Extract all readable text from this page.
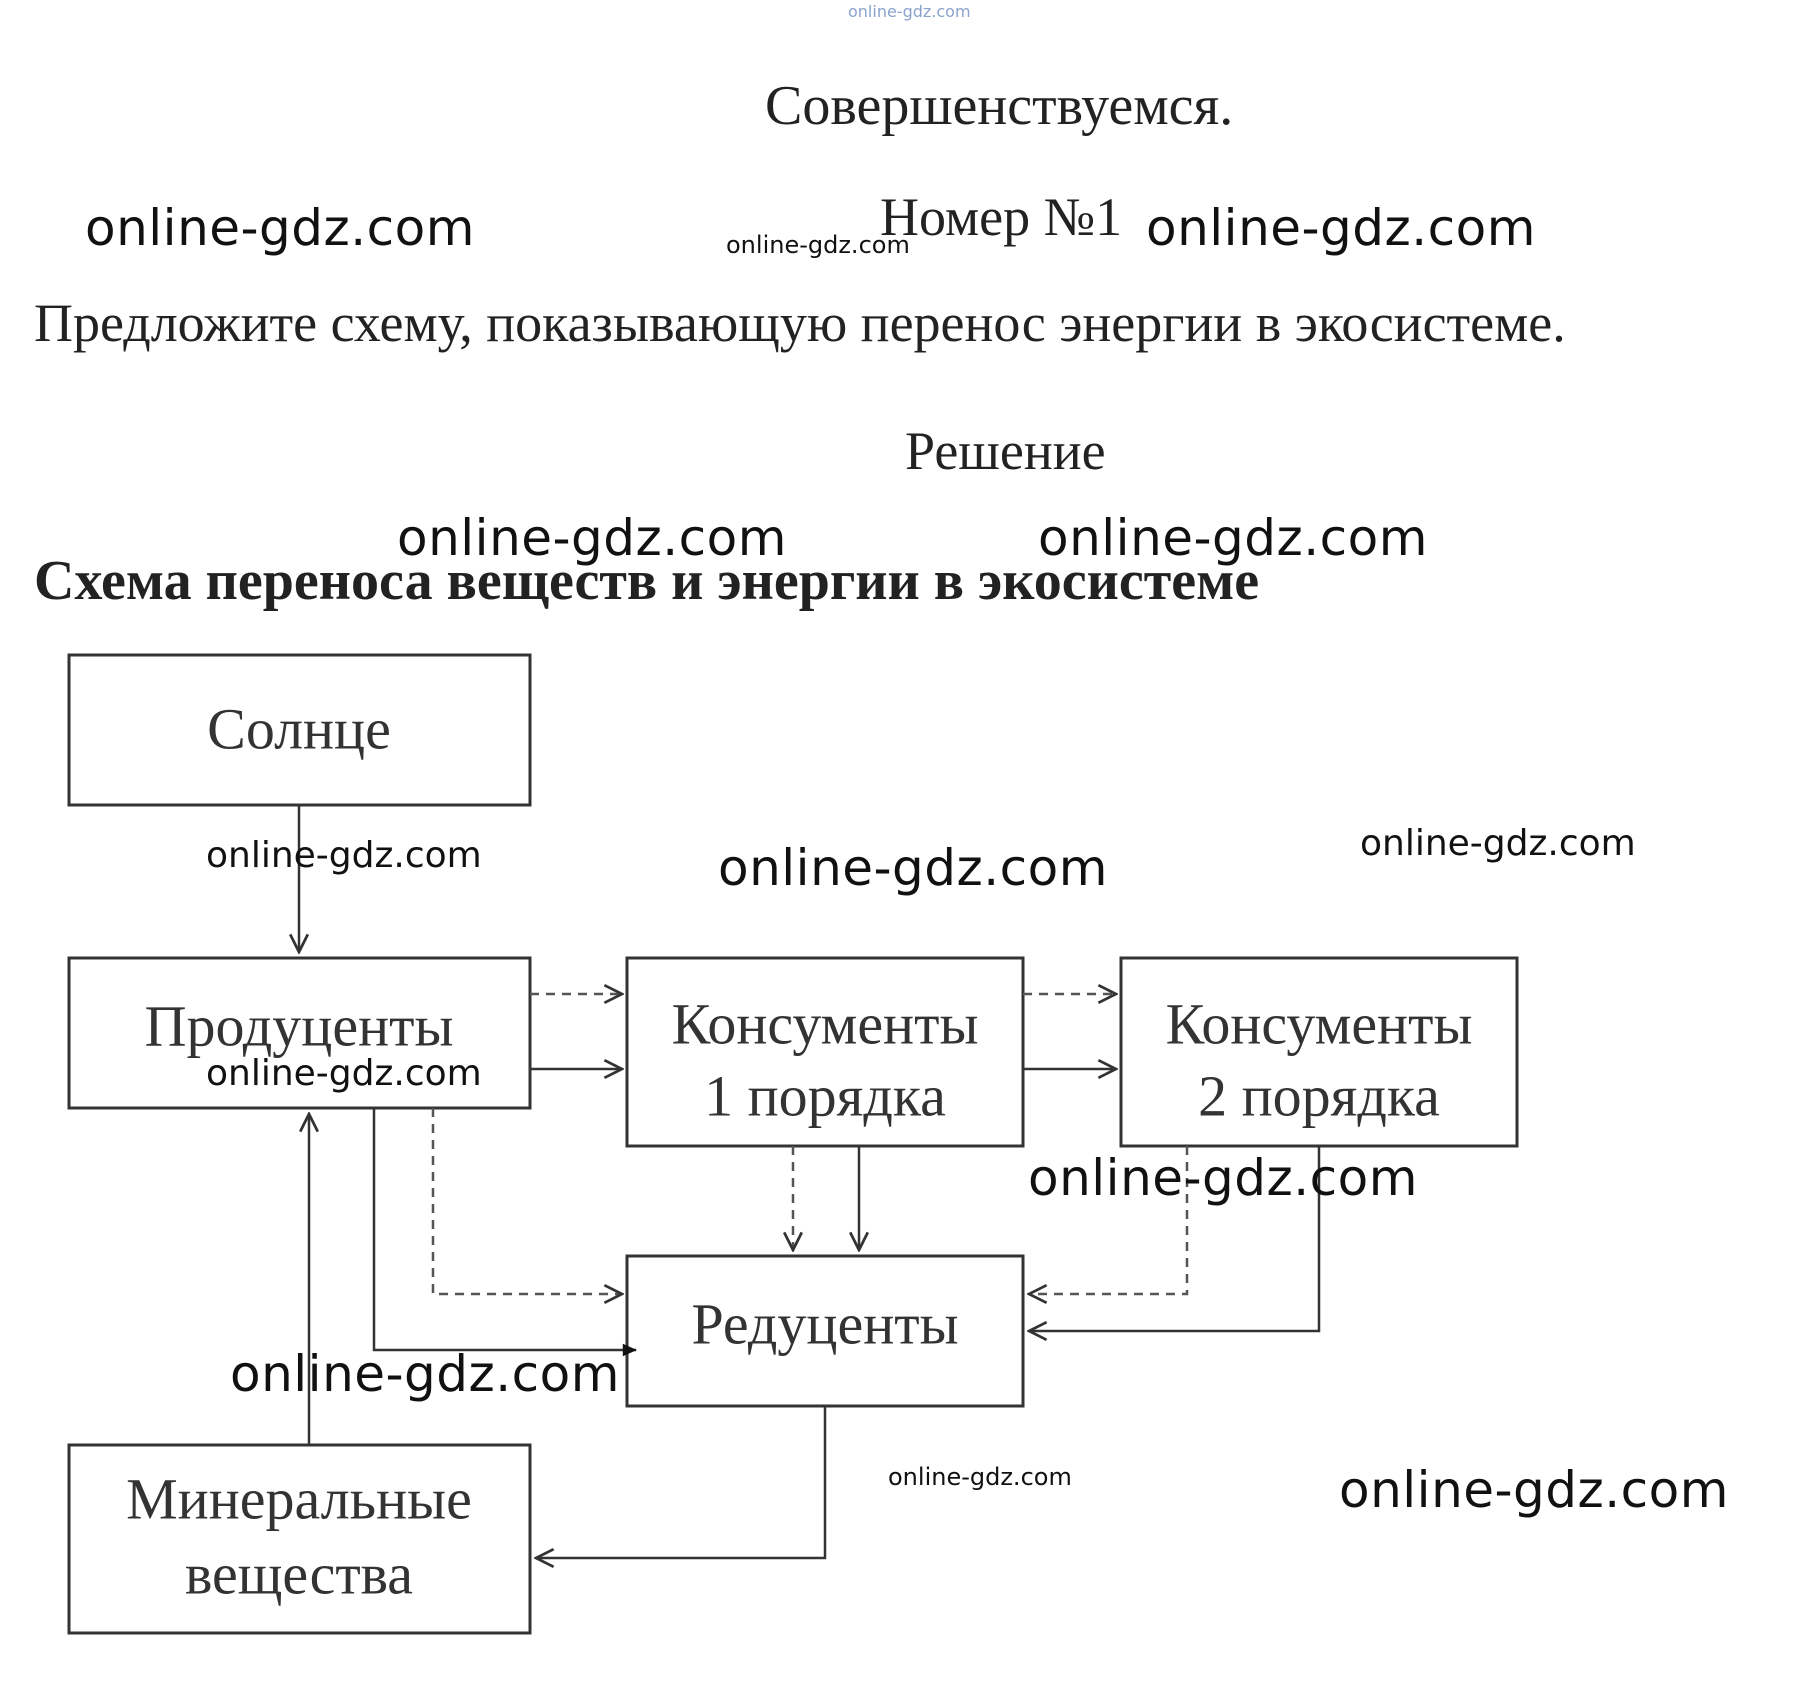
online-gdz.com
Совершенствуемся.
Номер №1
Предложите схему, показывающую перенос энергии в экосистеме.
Решение
Схема переноса веществ и энергии в экосистеме
Солнце
Продуценты	Консументы
1 порядка
Консументы
2 порядка
Редуценты
Минеральные
вещества
online-gdz.com	online-gdz.com	online-gdz.com
online-gdz.com	online-gdz.com
online-gdz.com	online-gdz.com	online-gdz.com
online-gdz.com
online-gdz.com
online-gdz.com
online-gdz.com	online-gdz.com
